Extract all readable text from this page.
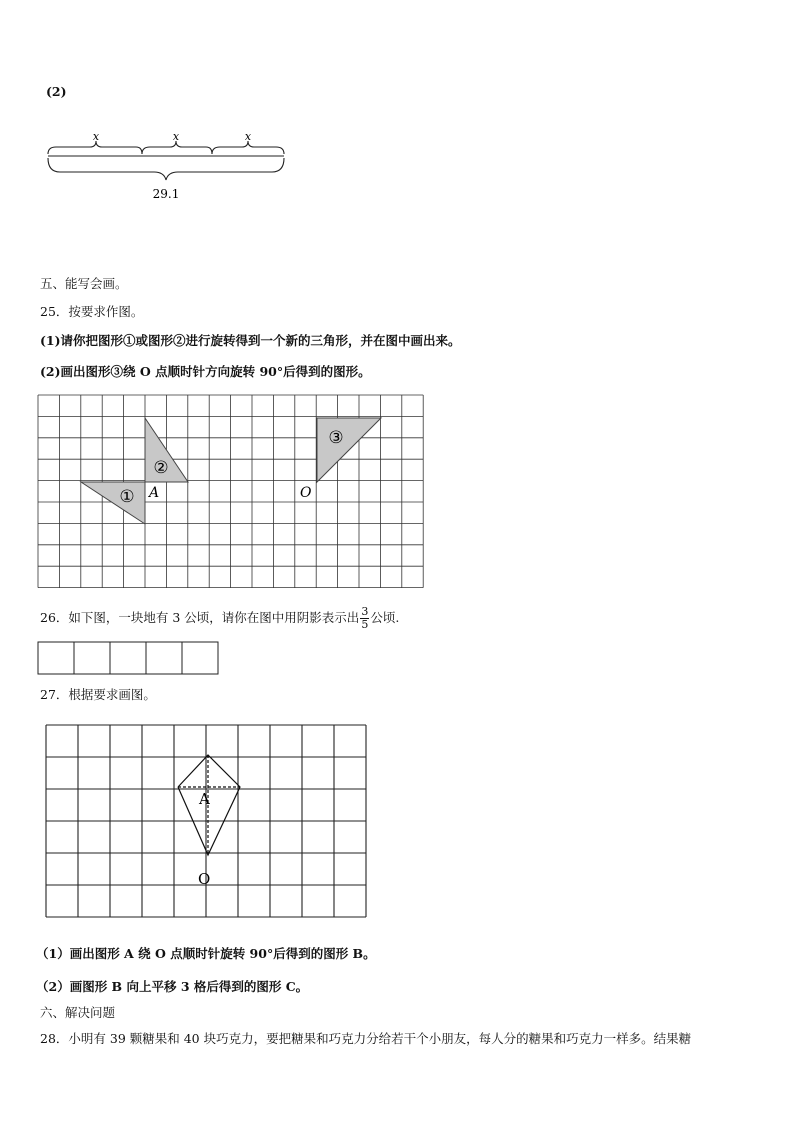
(2)
x	x	x
29.1
五、能写会画。
25．按要求作图。
(1)请你把图形①或图形②进行旋转得到一个新的三角形，并在图中画出来。
(2)画出图形③绕 O 点顺时针方向旋转 90°后得到的图形。
①
②
③
A	O
26．如下图，一块地有 3 公顷，请你在图中用阴影表示出 $\frac{3}{5}$ 公顷.
27．根据要求画图。
A
O
（1）画出图形 A 绕 O 点顺时针旋转 90°后得到的图形 B。
（2）画图形 B 向上平移 3 格后得到的图形 C。
六、解决问题
28．小明有 39 颗糖果和 40 块巧克力，要把糖果和巧克力分给若干个小朋友，每人分的糖果和巧克力一样多。结果糖
